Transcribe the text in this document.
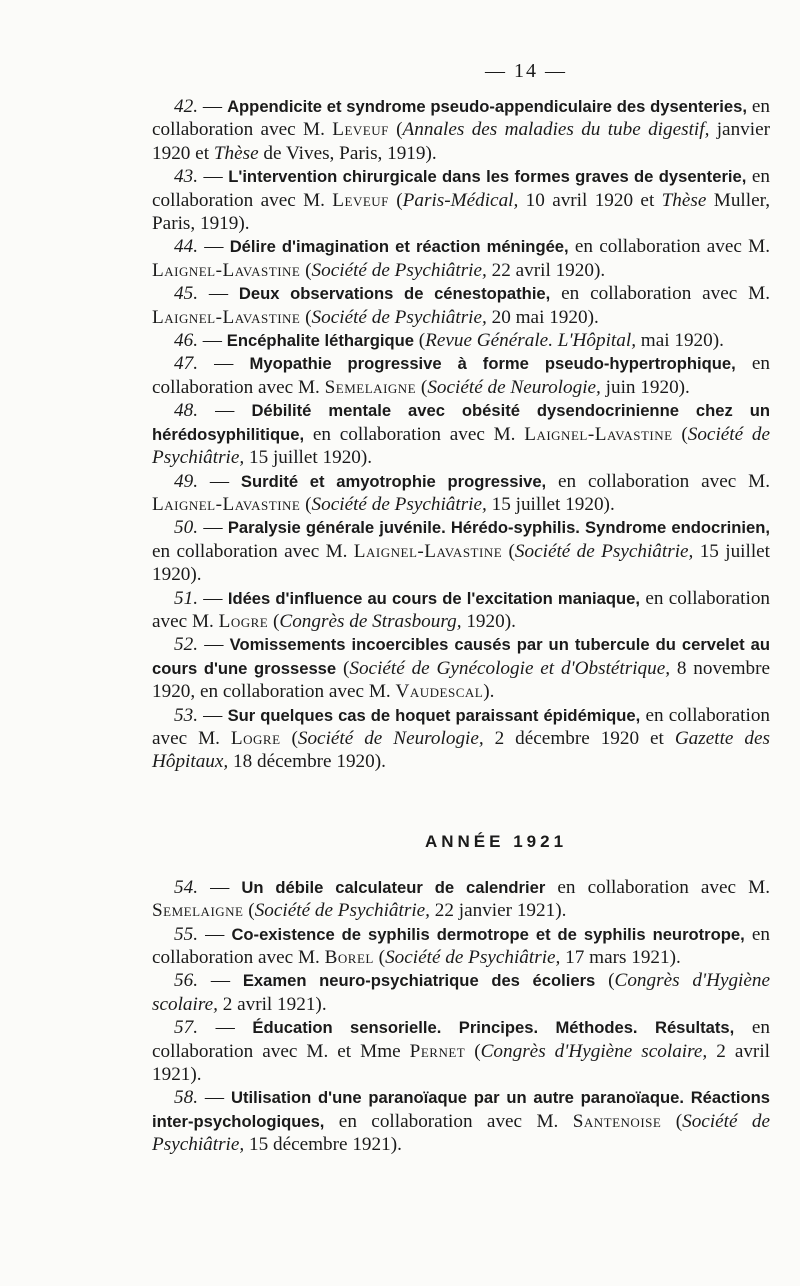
— 14 —

42. — Appendicite et syndrome pseudo-appendiculaire des dysenteries, en collaboration avec M. Leveuf (Annales des maladies du tube digestif, janvier 1920 et Thèse de Vives, Paris, 1919).

43. — L'intervention chirurgicale dans les formes graves de dysenterie, en collaboration avec M. Leveuf (Paris-Médical, 10 avril 1920 et Thèse Muller, Paris, 1919).

44. — Délire d'imagination et réaction méningée, en collaboration avec M. Laignel-Lavastine (Société de Psychiâtrie, 22 avril 1920).

45. — Deux observations de cénestopathie, en collaboration avec M. Laignel-Lavastine (Société de Psychiâtrie, 20 mai 1920).

46. — Encéphalite léthargique (Revue Générale. L'Hôpital, mai 1920).

47. — Myopathie progressive à forme pseudo-hypertrophique, en collaboration avec M. Semelaigne (Société de Neurologie, juin 1920).

48. — Débilité mentale avec obésité dysendocrinienne chez un hérédosyphilitique, en collaboration avec M. Laignel-Lavastine (Société de Psychiâtrie, 15 juillet 1920).

49. — Surdité et amyotrophie progressive, en collaboration avec M. Laignel-Lavastine (Société de Psychiâtrie, 15 juillet 1920).

50. — Paralysie générale juvénile. Hérédo-syphilis. Syndrome endocrinien, en collaboration avec M. Laignel-Lavastine (Société de Psychiâtrie, 15 juillet 1920).

51. — Idées d'influence au cours de l'excitation maniaque, en collaboration avec M. Logre (Congrès de Strasbourg, 1920).

52. — Vomissements incoercibles causés par un tubercule du cervelet au cours d'une grossesse (Société de Gynécologie et d'Obstétrique, 8 novembre 1920, en collaboration avec M. Vaudescal).

53. — Sur quelques cas de hoquet paraissant épidémique, en collaboration avec M. Logre (Société de Neurologie, 2 décembre 1920 et Gazette des Hôpitaux, 18 décembre 1920).

ANNÉE 1921

54. — Un débile calculateur de calendrier en collaboration avec M. Semelaigne (Société de Psychiâtrie, 22 janvier 1921).

55. — Co-existence de syphilis dermotrope et de syphilis neurotrope, en collaboration avec M. Borel (Société de Psychiâtrie, 17 mars 1921).

56. — Examen neuro-psychiatrique des écoliers (Congrès d'Hygiène scolaire, 2 avril 1921).

57. — Éducation sensorielle. Principes. Méthodes. Résultats, en collaboration avec M. et Mme Pernet (Congrès d'Hygiène scolaire, 2 avril 1921).

58. — Utilisation d'une paranoïaque par un autre paranoïaque. Réactions inter-psychologiques, en collaboration avec M. Santenoise (Société de Psychiâtrie, 15 décembre 1921).
